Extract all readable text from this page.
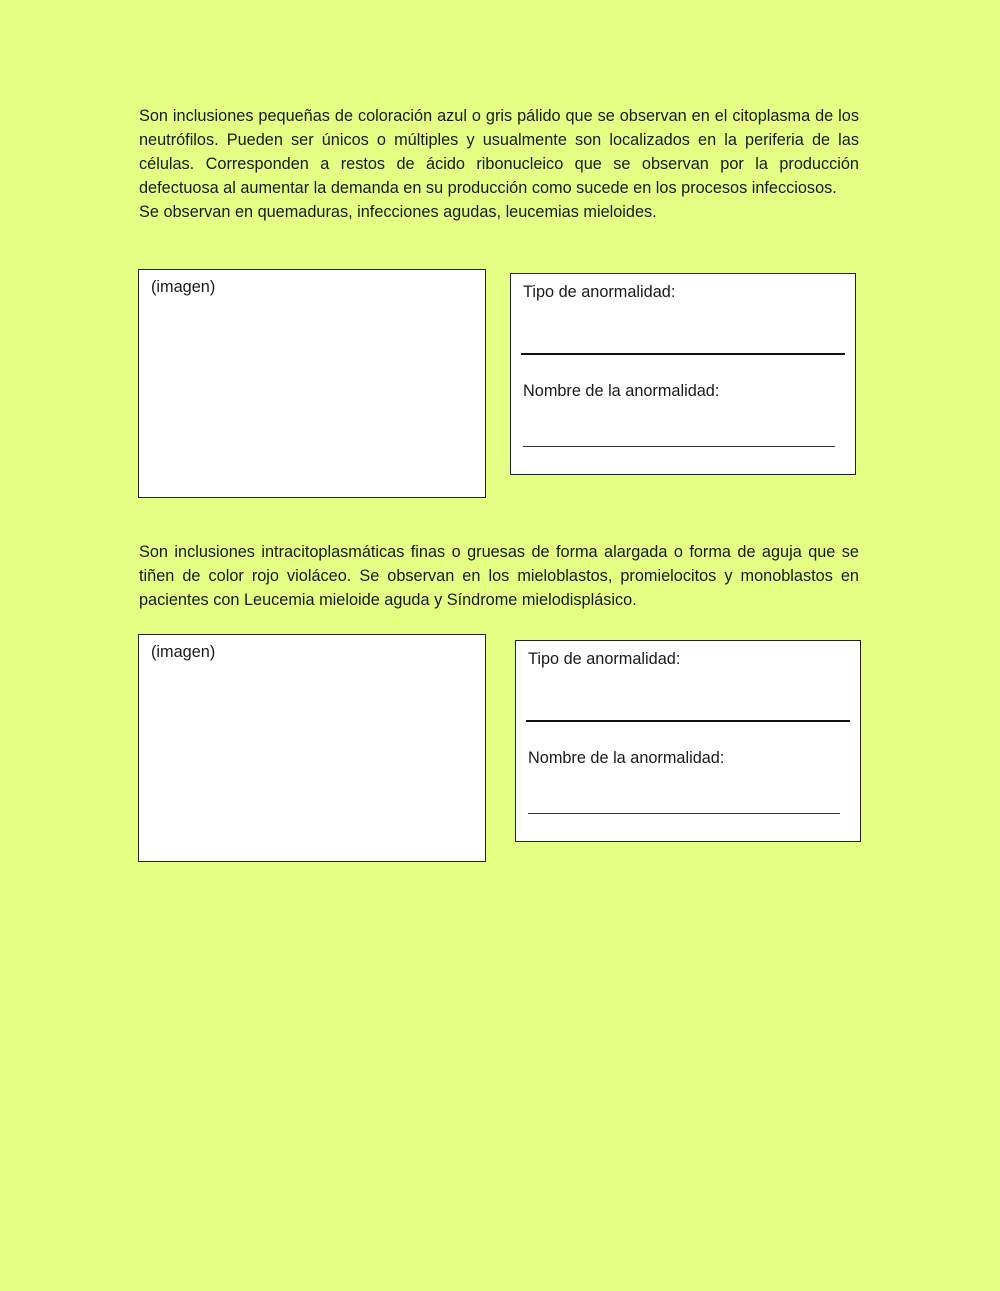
Son inclusiones pequeñas de coloración azul o gris pálido que se observan en el citoplasma de los neutrófilos. Pueden ser únicos o múltiples y usualmente son localizados en la periferia de las células. Corresponden a restos de ácido ribonucleico que se observan por la producción defectuosa al aumentar la demanda en su producción como sucede en los procesos infecciosos.

Se observan en quemaduras, infecciones agudas, leucemias mieloides.

(imagen)	Tipo de anormalidad:
Nombre de la anormalidad:

Son inclusiones intracitoplasmáticas finas o gruesas de forma alargada o forma de aguja que se tiñen de color rojo violáceo. Se observan en los mieloblastos, promielocitos y monoblastos en pacientes con Leucemia mieloide aguda y Síndrome mielodisplásico.

(imagen)	Tipo de anormalidad:
Nombre de la anormalidad:
